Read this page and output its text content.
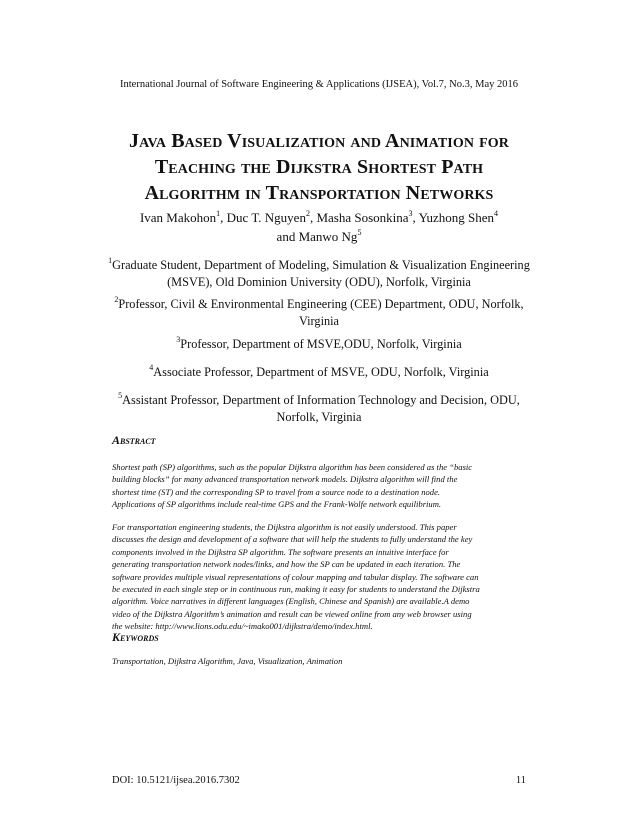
International Journal of Software Engineering & Applications (IJSEA), Vol.7, No.3, May 2016
Java Based Visualization and Animation for
Teaching the Dijkstra Shortest Path
Algorithm in Transportation Networks
Ivan Makohon$^1$, Duc T. Nguyen$^2$, Masha Sosonkina$^3$, Yuzhong Shen$^4$
and Manwo Ng$^5$
$^1$Graduate Student, Department of Modeling, Simulation & Visualization Engineering
(MSVE), Old Dominion University (ODU), Norfolk, Virginia
$^2$Professor, Civil & Environmental Engineering (CEE) Department, ODU, Norfolk,
Virginia
$^3$Professor, Department of MSVE,ODU, Norfolk, Virginia
$^4$Associate Professor, Department of MSVE, ODU, Norfolk, Virginia
$^5$Assistant Professor, Department of Information Technology and Decision, ODU,
Norfolk, Virginia
Abstract
Shortest path (SP) algorithms, such as the popular Dijkstra algorithm has been considered as the “basic
building blocks” for many advanced transportation network models. Dijkstra algorithm will find the
shortest time (ST) and the corresponding SP to travel from a source node to a destination node.
Applications of SP algorithms include real-time GPS and the Frank-Wolfe network equilibrium.
For transportation engineering students, the Dijkstra algorithm is not easily understood. This paper
discusses the design and development of a software that will help the students to fully understand the key
components involved in the Dijkstra SP algorithm. The software presents an intuitive interface for
generating transportation network nodes/links, and how the SP can be updated in each iteration. The
software provides multiple visual representations of colour mapping and tabular display. The software can
be executed in each single step or in continuous run, making it easy for students to understand the Dijkstra
algorithm. Voice narratives in different languages (English, Chinese and Spanish) are available.A demo
video of the Dijkstra Algorithm’s animation and result can be viewed online from any web browser using
the website: http://www.lions.odu.edu/~imako001/dijkstra/demo/index.html.
Keywords
Transportation, Dijkstra Algorithm, Java, Visualization, Animation
DOI: 10.5121/ijsea.2016.7302	11
